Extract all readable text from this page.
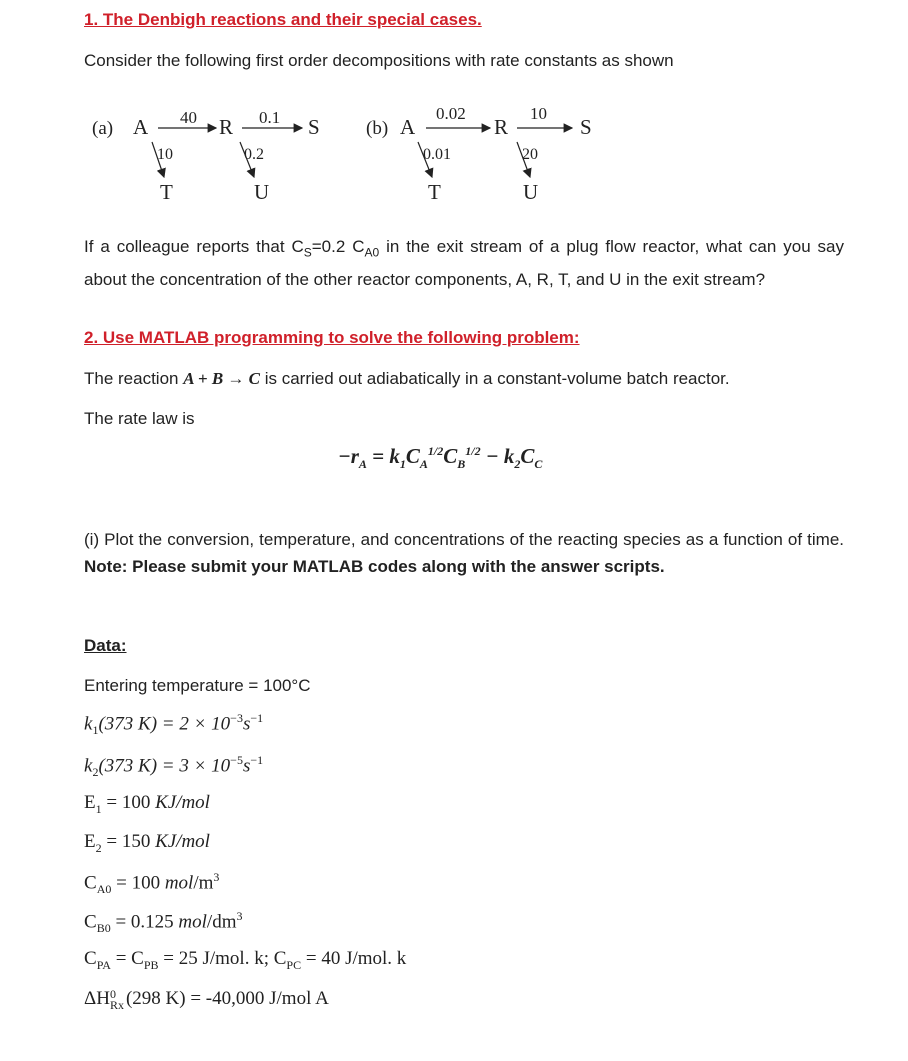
1. The Denbigh reactions and their special cases.
Consider the following first order decompositions with rate constants as shown
(a) A 40 R 0.1 S
10
T
0.2
U
(b) A
0.02
R
10
S
0.01
T
20
U
If a colleague reports that $C_S=0.2$ $C_{A0}$ in the exit stream of a plug flow reactor, what can you say about the concentration of the other reactor components, A, R, T, and U in the exit stream?
2. Use MATLAB programming to solve the following problem:
The reaction A + B → C is carried out adiabatically in a constant-volume batch reactor.
The rate law is
$-r_A = k_1C_A^{1/2}C_B^{1/2} - k_2C_C$
(i) Plot the conversion, temperature, and concentrations of the reacting species as a function of time. Note: Please submit your MATLAB codes along with the answer scripts.
Data:
Entering temperature = 100°C
$k_1(373$ $K) = 2 \times 10^{-3}s^{-1}$
$k_2(373$ $K) = 3 \times 10^{-5}s^{-1}$
$E_1 = 100$ KJ/mol
$E_2 = 150$ KJ/mol
$C_{A0} = 100$ mol/$m^3$
$C_{B0} = 0.125$ mol/$dm^3$
$C_{PA} = C_{PB} = 25$ J/mol. k; $C_{PC} = 40$ J/mol. k
ΔH 0
Rx (298 K) = -40,000 J/mol A
